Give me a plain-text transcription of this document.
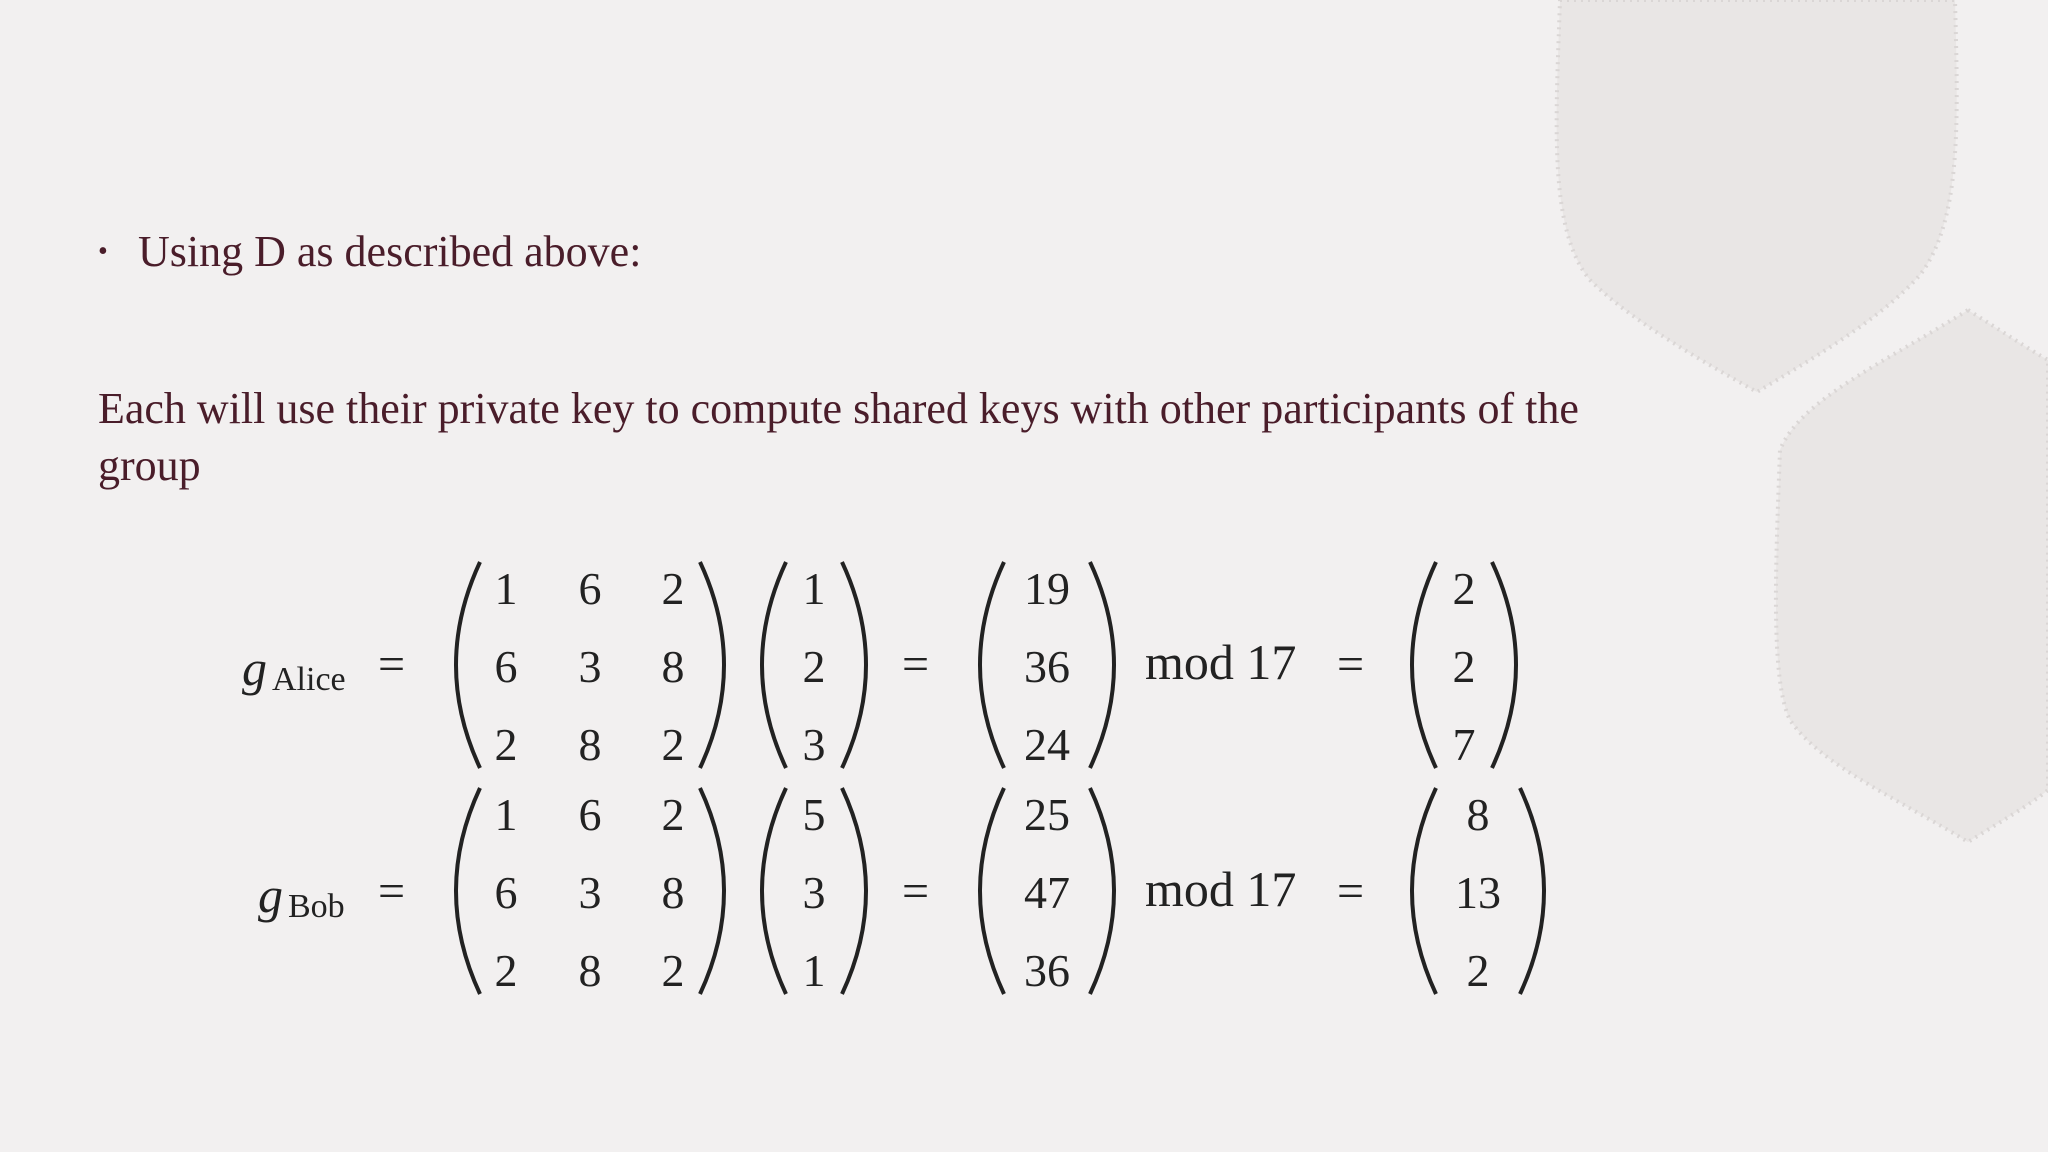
• Using D as described above:
Each will use their private key to compute shared keys with other participants of the group
g Alice =
1 6 2
6 3 8
2 8 2
1
2
3
=
19
36
24
mod 17 =
2
2
7
g Bob =
1 6 2
6 3 8
2 8 2
5
3
1
=
25
47
36
mod 17 =
8
13
2
